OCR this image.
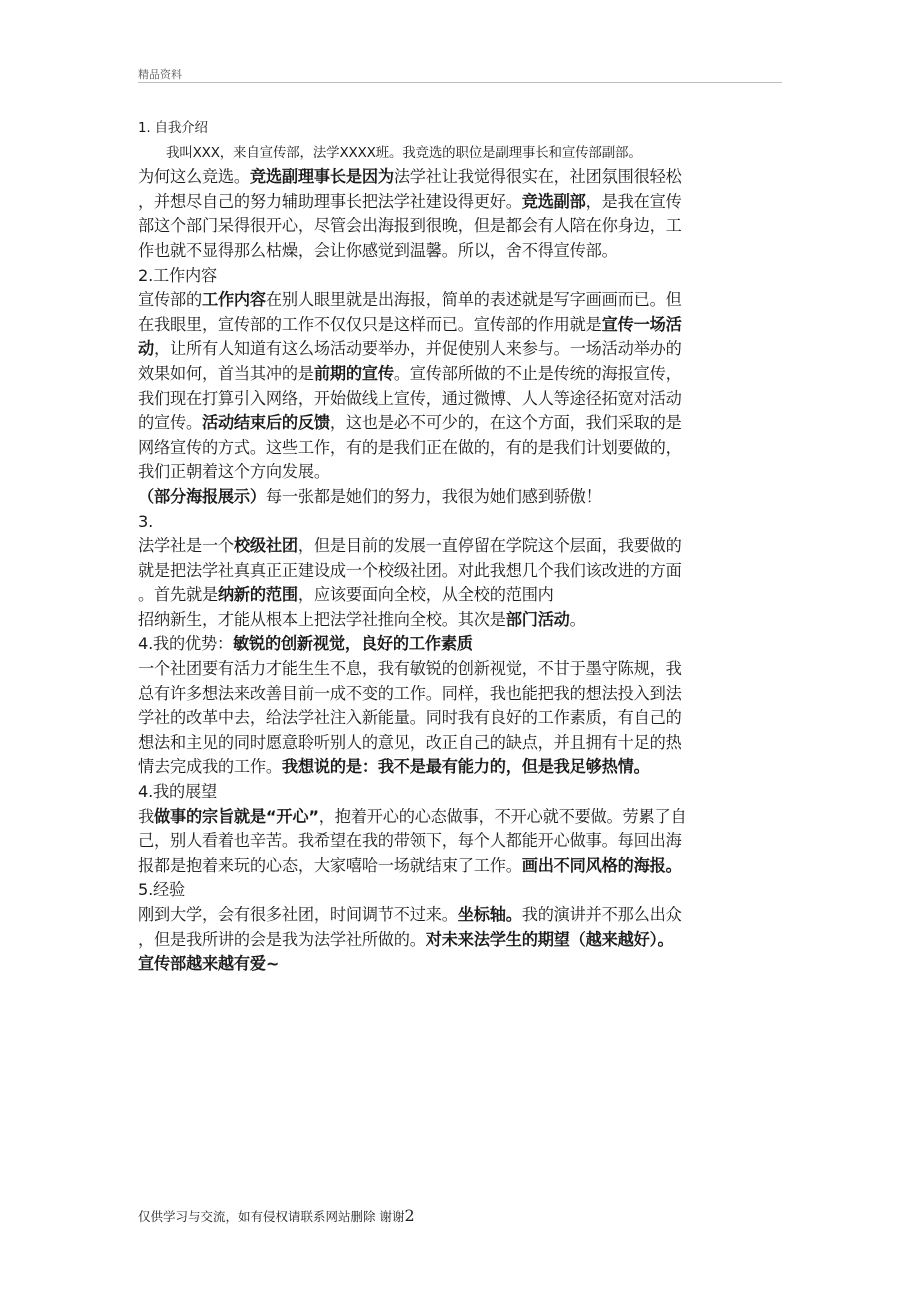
精品资料
1. 自我介绍
我叫XXX，来自宣传部，法学XXXX班。我竞选的职位是副理事长和宣传部副部。
为何这么竞选。竞选副理事长是因为法学社让我觉得很实在，社团氛围很轻松
，并想尽自己的努力辅助理事长把法学社建设得更好。竞选副部，是我在宣传
部这个部门呆得很开心，尽管会出海报到很晚，但是都会有人陪在你身边，工
作也就不显得那么枯燥，会让你感觉到温馨。所以，舍不得宣传部。
2.工作内容
宣传部的工作内容在别人眼里就是出海报，简单的表述就是写字画画而已。但
在我眼里，宣传部的工作不仅仅只是这样而已。宣传部的作用就是宣传一场活
动，让所有人知道有这么场活动要举办，并促使别人来参与。一场活动举办的
效果如何，首当其冲的是前期的宣传。宣传部所做的不止是传统的海报宣传，
我们现在打算引入网络，开始做线上宣传，通过微博、人人等途径拓宽对活动
的宣传。活动结束后的反馈，这也是必不可少的，在这个方面，我们采取的是
网络宣传的方式。这些工作，有的是我们正在做的，有的是我们计划要做的，
我们正朝着这个方向发展。
（部分海报展示）每一张都是她们的努力，我很为她们感到骄傲！
3.
法学社是一个校级社团，但是目前的发展一直停留在学院这个层面，我要做的
就是把法学社真真正正建设成一个校级社团。对此我想几个我们该改进的方面
。首先就是纳新的范围，应该要面向全校，从全校的范围内
招纳新生，才能从根本上把法学社推向全校。其次是部门活动。
4.我的优势：敏锐的创新视觉，良好的工作素质
一个社团要有活力才能生生不息，我有敏锐的创新视觉，不甘于墨守陈规，我
总有许多想法来改善目前一成不变的工作。同样，我也能把我的想法投入到法
学社的改革中去，给法学社注入新能量。同时我有良好的工作素质，有自己的
想法和主见的同时愿意聆听别人的意见，改正自己的缺点，并且拥有十足的热
情去完成我的工作。我想说的是：我不是最有能力的，但是我足够热情。
4.我的展望
我做事的宗旨就是“开心”，抱着开心的心态做事，不开心就不要做。劳累了自
己，别人看着也辛苦。我希望在我的带领下，每个人都能开心做事。每回出海
报都是抱着来玩的心态，大家嘻哈一场就结束了工作。画出不同风格的海报。
5.经验
刚到大学，会有很多社团，时间调节不过来。坐标轴。我的演讲并不那么出众
，但是我所讲的会是我为法学社所做的。对未来法学生的期望（越来越好）。
宣传部越来越有爱~
仅供学习与交流，如有侵权请联系网站删除 谢谢2
